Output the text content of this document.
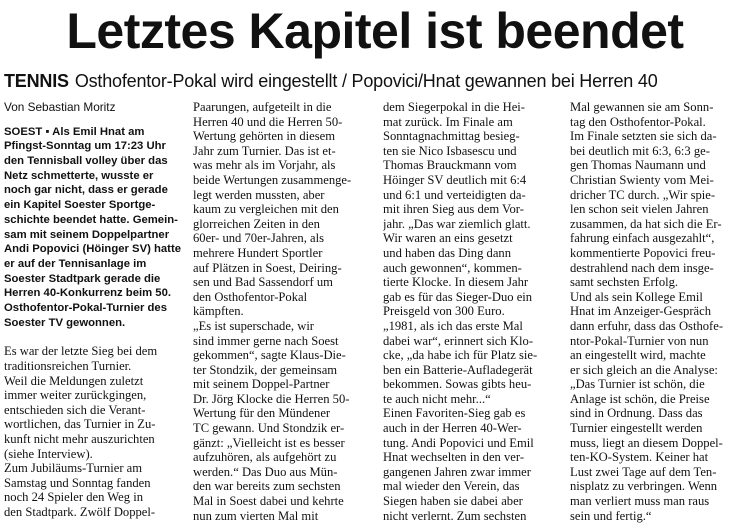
Letztes Kapitel ist beendet
TENNIS Osthofentor-Pokal wird eingestellt / Popovici/Hnat gewannen bei Herren 40
Von Sebastian Moritz
SOEST ▪ Als Emil Hnat am
Pfingst-Sonntag um 17:23 Uhr
den Tennisball volley über das
Netz schmetterte, wusste er
noch gar nicht, dass er gerade
ein Kapitel Soester Sportge-
schichte beendet hatte. Gemein-
sam mit seinem Doppelpartner
Andi Popovici (Höinger SV) hatte
er auf der Tennisanlage im
Soester Stadtpark gerade die
Herren 40-Konkurrenz beim 50.
Osthofentor-Pokal-Turnier des
Soester TV gewonnen.
Es war der letzte Sieg bei dem
traditionsreichen Turnier.
Weil die Meldungen zuletzt
immer weiter zurückgingen,
entschieden sich die Verant-
wortlichen, das Turnier in Zu-
kunft nicht mehr auszurichten
(siehe Interview).
Zum Jubiläums-Turnier am
Samstag und Sonntag fanden
noch 24 Spieler den Weg in
den Stadtpark. Zwölf Doppel-
Paarungen, aufgeteilt in die
Herren 40 und die Herren 50-
Wertung gehörten in diesem
Jahr zum Turnier. Das ist et-
was mehr als im Vorjahr, als
beide Wertungen zusammenge-
legt werden mussten, aber
kaum zu vergleichen mit den
glorreichen Zeiten in den
60er- und 70er-Jahren, als
mehrere Hundert Sportler
auf Plätzen in Soest, Deiring-
sen und Bad Sassendorf um
den Osthofentor-Pokal
kämpften.
„Es ist superschade, wir
sind immer gerne nach Soest
gekommen“, sagte Klaus-Die-
ter Stondzik, der gemeinsam
mit seinem Doppel-Partner
Dr. Jörg Klocke die Herren 50-
Wertung für den Mündener
TC gewann. Und Stondzik er-
gänzt: „Vielleicht ist es besser
aufzuhören, als aufgehört zu
werden.“ Das Duo aus Mün-
den war bereits zum sechsten
Mal in Soest dabei und kehrte
nun zum vierten Mal mit
dem Siegerpokal in die Hei-
mat zurück. Im Finale am
Sonntagnachmittag besieg-
ten sie Nico Isbasescu und
Thomas Brauckmann vom
Höinger SV deutlich mit 6:4
und 6:1 und verteidigten da-
mit ihren Sieg aus dem Vor-
jahr. „Das war ziemlich glatt.
Wir waren an eins gesetzt
und haben das Ding dann
auch gewonnen“, kommen-
tierte Klocke. In diesem Jahr
gab es für das Sieger-Duo ein
Preisgeld von 300 Euro.
„1981, als ich das erste Mal
dabei war“, erinnert sich Klo-
cke, „da habe ich für Platz sie-
ben ein Batterie-Aufladegerät
bekommen. Sowas gibts heu-
te auch nicht mehr...“
Einen Favoriten-Sieg gab es
auch in der Herren 40-Wer-
tung. Andi Popovici und Emil
Hnat wechselten in den ver-
gangenen Jahren zwar immer
mal wieder den Verein, das
Siegen haben sie dabei aber
nicht verlernt. Zum sechsten
Mal gewannen sie am Sonn-
tag den Osthofentor-Pokal.
Im Finale setzten sie sich da-
bei deutlich mit 6:3, 6:3 ge-
gen Thomas Naumann und
Christian Swienty vom Mei-
dricher TC durch. „Wir spie-
len schon seit vielen Jahren
zusammen, da hat sich die Er-
fahrung einfach ausgezahlt“,
kommentierte Popovici freu-
destrahlend nach dem insge-
samt sechsten Erfolg.
Und als sein Kollege Emil
Hnat im Anzeiger-Gespräch
dann erfuhr, dass das Osthofe-
ntor-Pokal-Turnier von nun
an eingestellt wird, machte
er sich gleich an die Analyse:
„Das Turnier ist schön, die
Anlage ist schön, die Preise
sind in Ordnung. Dass das
Turnier eingestellt werden
muss, liegt an diesem Doppel-
ten-KO-System. Keiner hat
Lust zwei Tage auf dem Ten-
nisplatz zu verbringen. Wenn
man verliert muss man raus
sein und fertig.“
